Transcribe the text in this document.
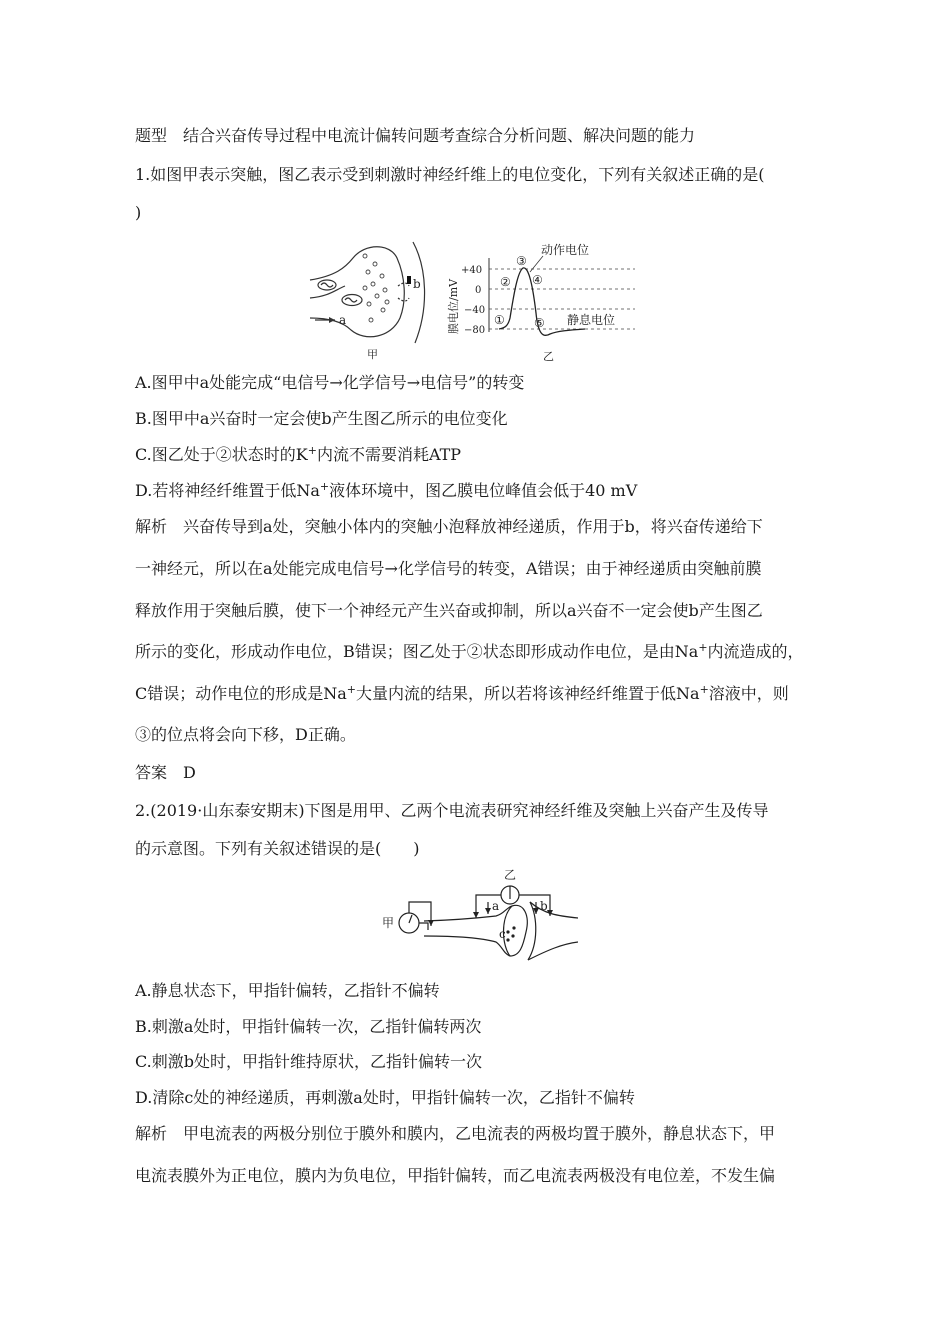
题型　结合兴奋传导过程中电流计偏转问题考查综合分析问题、解决问题的能力
1.如图甲表示突触，图乙表示受到刺激时神经纤维上的电位变化，下列有关叙述正确的是(
)
a
b
甲
膜电位/mV
+40
0
−40
−80
①
②
③
④
⑤
动作电位
静息电位
乙
A.图甲中a处能完成“电信号→化学信号→电信号”的转变
B.图甲中a兴奋时一定会使b产生图乙所示的电位变化
C.图乙处于②状态时的K+内流不需要消耗ATP
D.若将神经纤维置于低Na+液体环境中，图乙膜电位峰值会低于40 mV
解析　兴奋传导到a处，突触小体内的突触小泡释放神经递质，作用于b，将兴奋传递给下
一神经元，所以在a处能完成电信号→化学信号的转变，A错误；由于神经递质由突触前膜
释放作用于突触后膜，使下一个神经元产生兴奋或抑制，所以a兴奋不一定会使b产生图乙
所示的变化，形成动作电位，B错误；图乙处于②状态即形成动作电位，是由Na+内流造成的，
C错误；动作电位的形成是Na+大量内流的结果，所以若将该神经纤维置于低Na+溶液中，则
③的位点将会向下移，D正确。
答案　D
2.(2019·山东泰安期末)下图是用甲、乙两个电流表研究神经纤维及突触上兴奋产生及传导
的示意图。下列有关叙述错误的是(　　)
甲
乙
a	b
c
A.静息状态下，甲指针偏转，乙指针不偏转
B.刺激a处时，甲指针偏转一次，乙指针偏转两次
C.刺激b处时，甲指针维持原状，乙指针偏转一次
D.清除c处的神经递质，再刺激a处时，甲指针偏转一次，乙指针不偏转
解析　甲电流表的两极分别位于膜外和膜内，乙电流表的两极均置于膜外，静息状态下，甲
电流表膜外为正电位，膜内为负电位，甲指针偏转，而乙电流表两极没有电位差，不发生偏
